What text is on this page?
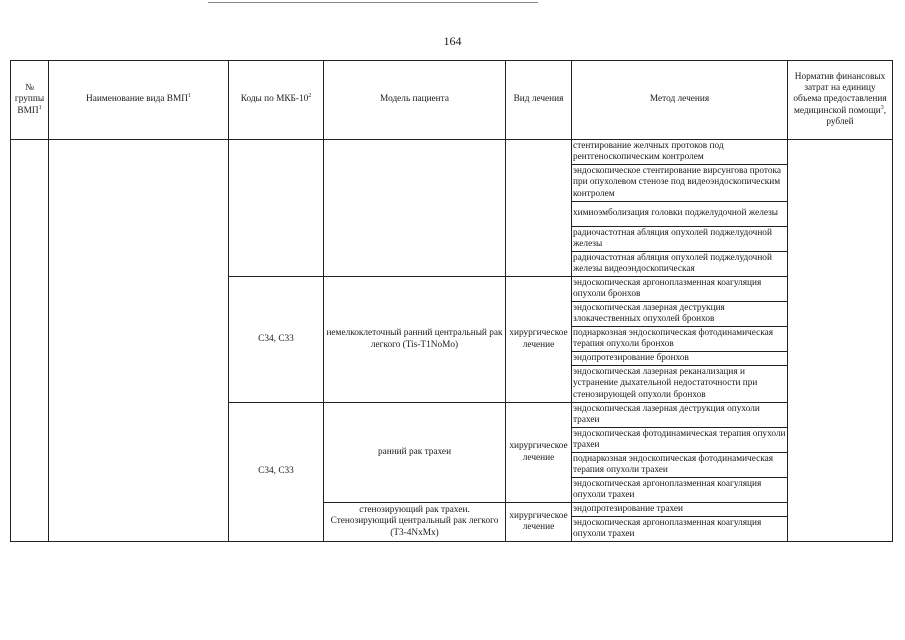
164
№ группы ВМП$^1$	Наименование вида ВМП$^1$	Коды по МКБ-$10^2$	Модель пациента	Вид лечения	Метод лечения	Норматив финансовых затрат на единицу объема предоставления медицинской помощи$^3$, рублей
					стентирование желчных протоков под рентгеноскопическим контролем	
					эндоскопическое стентирование вирсунгова протока при опухолевом стенозе под видеоэндоскопическим контролем	
					химиоэмболизация головки поджелудочной железы	
					радиочастотная абляция опухолей поджелудочной железы	
					радиочастотная абляция опухолей поджелудочной железы видеоэндоскопическая	
		C34, C33	немелкоклеточный ранний центральный рак легкого (Tis-T1NoMo)	хирургическое лечение	эндоскопическая аргоноплазменная коагуляция опухоли бронхов	
					эндоскопическая лазерная деструкция злокачественных опухолей бронхов	
					поднаркозная эндоскопическая фотодинамическая терапия опухоли бронхов	
					эндопротезирование бронхов	
					эндоскопическая лазерная реканализация и устранение дыхательной недостаточности при стенозирующей опухоли бронхов	
		C34, C33	ранний рак трахеи	хирургическое лечение	эндоскопическая лазерная деструкция опухоли трахеи	
					эндоскопическая фотодинамическая терапия опухоли трахеи	
					поднаркозная эндоскопическая фотодинамическая терапия опухоли трахеи	
					эндоскопическая аргоноплазменная коагуляция опухоли трахеи	
			стенозирующий рак трахеи. Стенозирующий центральный рак легкого (T3-4NxMx)	хирургическое лечение	эндопротезирование трахеи	
					эндоскопическая аргоноплазменная коагуляция опухоли трахеи	
